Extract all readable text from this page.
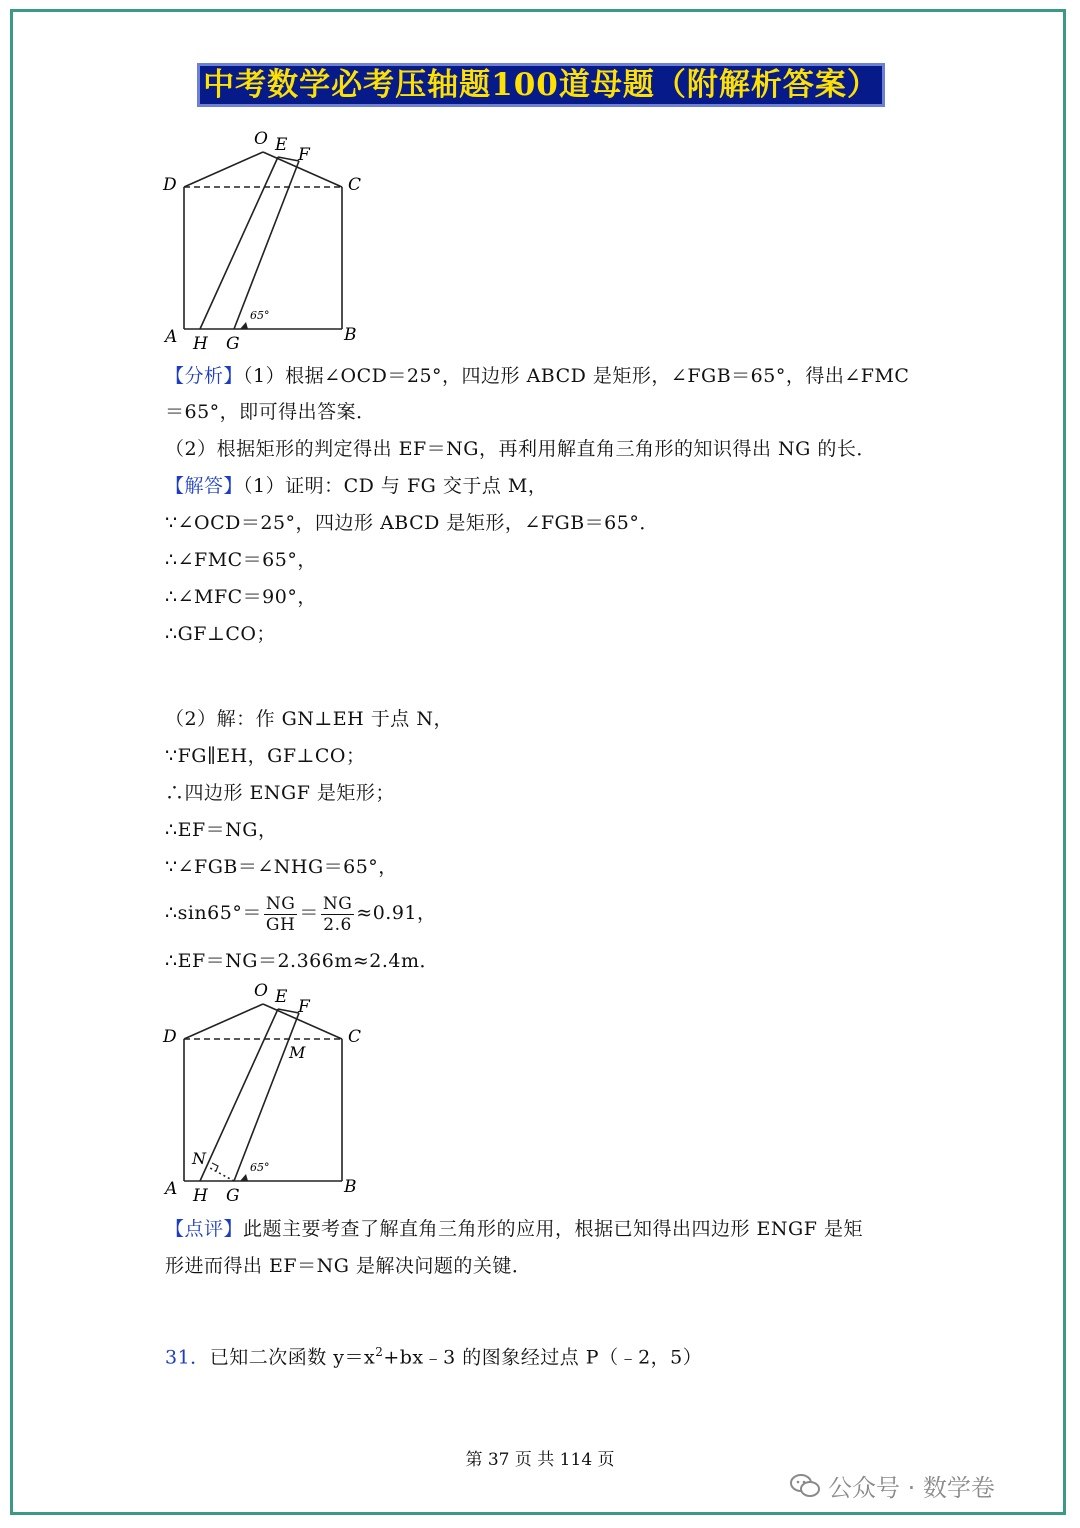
中考数学必考压轴题100道母题（附解析答案）
65°
O E F
D	C
A	B
H G
【分析】（1）根据∠OCD＝25°，四边形 ABCD 是矩形，∠FGB＝65°，得出∠FMC
＝65°，即可得出答案．
（2）根据矩形的判定得出 EF＝NG，再利用解直角三角形的知识得出 NG 的长．
【解答】（1）证明：CD 与 FG 交于点 M，
∵∠OCD＝25°，四边形 ABCD 是矩形，∠FGB＝65°．
∴∠FMC＝65°，
∴∠MFC＝90°，
∴GF⊥CO；
（2）解：作 GN⊥EH 于点 N，
∵FG∥EH，GF⊥CO；
∴四边形 ENGF 是矩形；
∴EF＝NG，
∵∠FGB＝∠NHG＝65°，
∴sin65°＝ $\frac{NG}{GH} = \frac{NG}{2.6} \approx 0.91$，
∴EF＝NG＝2.366m≈2.4m．
65°
O E F
D	C
A	B
H G
M
N
【点评】此题主要考查了解直角三角形的应用，根据已知得出四边形 ENGF 是矩
形进而得出 EF＝NG 是解决问题的关键．
31．已知二次函数 $y=x^2+bx﹣3$ 的图象经过点 P（﹣2，5）
第 37 页 共 114 页
公众号 · 数学卷
